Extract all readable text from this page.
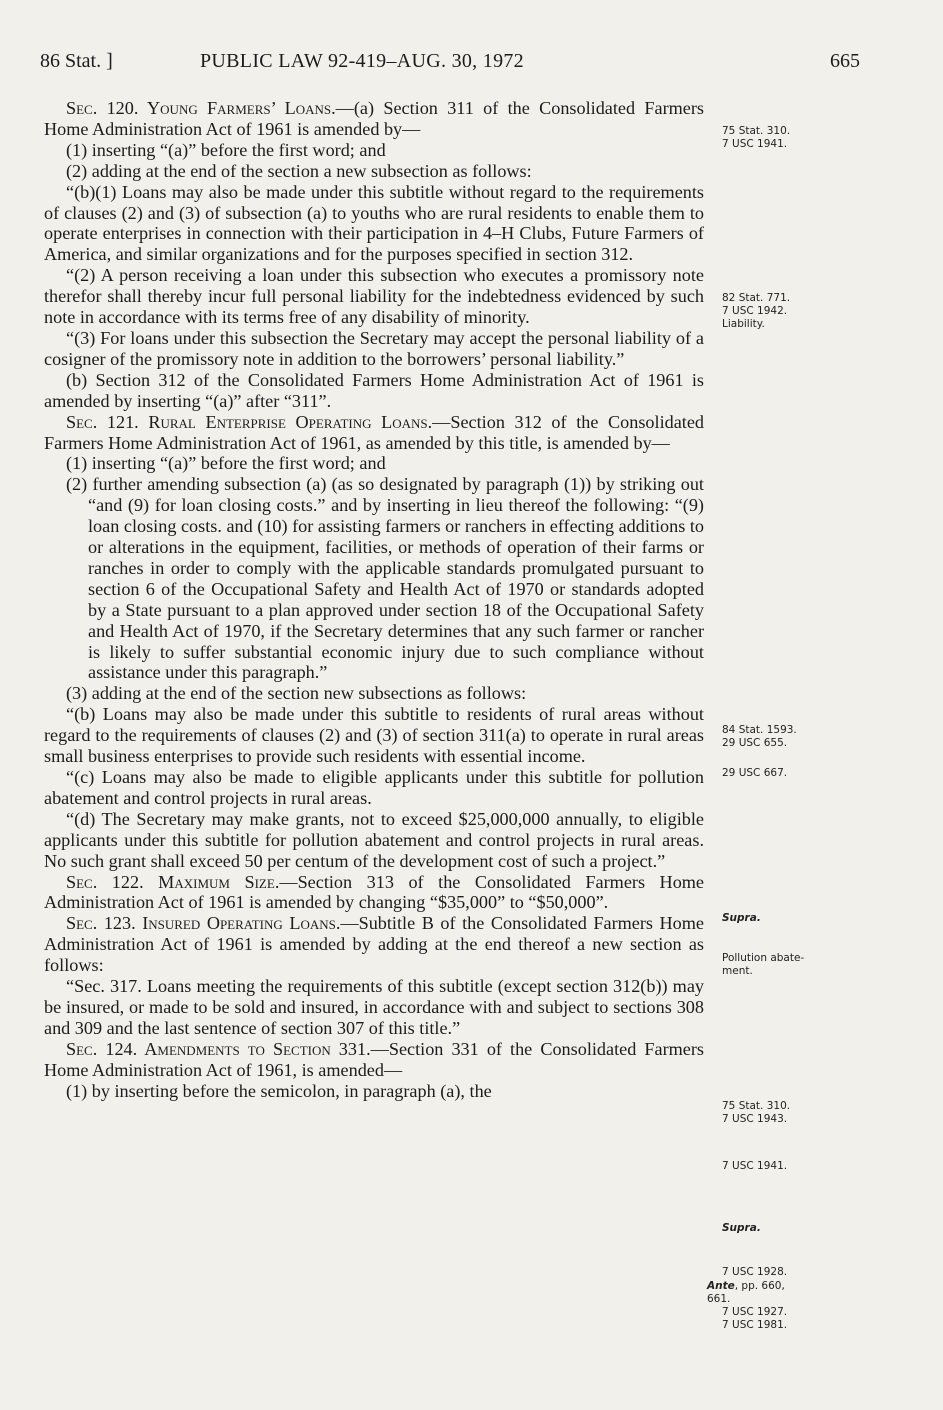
86 Stat. ]	PUBLIC LAW 92-419–AUG. 30, 1972	665

Sec. 120. Young Farmers’ Loans.—(a) Section 311 of the Consolidated Farmers Home Administration Act of 1961 is amended by—

(1) inserting “(a)” before the first word; and

(2) adding at the end of the section a new subsection as follows:

“(b)(1) Loans may also be made under this subtitle without regard to the requirements of clauses (2) and (3) of subsection (a) to youths who are rural residents to enable them to operate enterprises in connection with their participation in 4–H Clubs, Future Farmers of America, and similar organizations and for the purposes specified in section 312.

“(2) A person receiving a loan under this subsection who executes a promissory note therefor shall thereby incur full personal liability for the indebtedness evidenced by such note in accordance with its terms free of any disability of minority.

“(3) For loans under this subsection the Secretary may accept the personal liability of a cosigner of the promissory note in addition to the borrowers’ personal liability.”

(b) Section 312 of the Consolidated Farmers Home Administration Act of 1961 is amended by inserting “(a)” after “311”.

Sec. 121. Rural Enterprise Operating Loans.—Section 312 of the Consolidated Farmers Home Administration Act of 1961, as amended by this title, is amended by—

(1) inserting “(a)” before the first word; and

(2) further amending subsection (a) (as so designated by paragraph (1)) by striking out “and (9) for loan closing costs.” and by inserting in lieu thereof the following: “(9) loan closing costs. and (10) for assisting farmers or ranchers in effecting additions to or alterations in the equipment, facilities, or methods of operation of their farms or ranches in order to comply with the applicable standards promulgated pursuant to section 6 of the Occupational Safety and Health Act of 1970 or standards adopted by a State pursuant to a plan approved under section 18 of the Occupational Safety and Health Act of 1970, if the Secretary determines that any such farmer or rancher is likely to suffer substantial economic injury due to such compliance without assistance under this paragraph.”

(3) adding at the end of the section new subsections as follows:

“(b) Loans may also be made under this subtitle to residents of rural areas without regard to the requirements of clauses (2) and (3) of section 311(a) to operate in rural areas small business enterprises to provide such residents with essential income.

“(c) Loans may also be made to eligible applicants under this subtitle for pollution abatement and control projects in rural areas.

“(d) The Secretary may make grants, not to exceed $25,000,000 annually, to eligible applicants under this subtitle for pollution abatement and control projects in rural areas. No such grant shall exceed 50 per centum of the development cost of such a project.”

Sec. 122. Maximum Size.—Section 313 of the Consolidated Farmers Home Administration Act of 1961 is amended by changing “$35,000” to “$50,000”.

Sec. 123. Insured Operating Loans.—Subtitle B of the Consolidated Farmers Home Administration Act of 1961 is amended by adding at the end thereof a new section as follows:

“Sec. 317. Loans meeting the requirements of this subtitle (except section 312(b)) may be insured, or made to be sold and insured, in accordance with and subject to sections 308 and 309 and the last sentence of section 307 of this title.”

Sec. 124. Amendments to Section 331.—Section 331 of the Consolidated Farmers Home Administration Act of 1961, is amended—

(1) by inserting before the semicolon, in paragraph (a), the

75 Stat. 310.
7 USC 1941.
82 Stat. 771.
7 USC 1942.
Liability.
84 Stat. 1593.
29 USC 655.
29 USC 667.
Supra.
Pollution abate-
ment.
75 Stat. 310.
7 USC 1943.
7 USC 1941.
Supra.
7 USC 1928.
Ante, pp. 660,
661.
7 USC 1927.
7 USC 1981.
